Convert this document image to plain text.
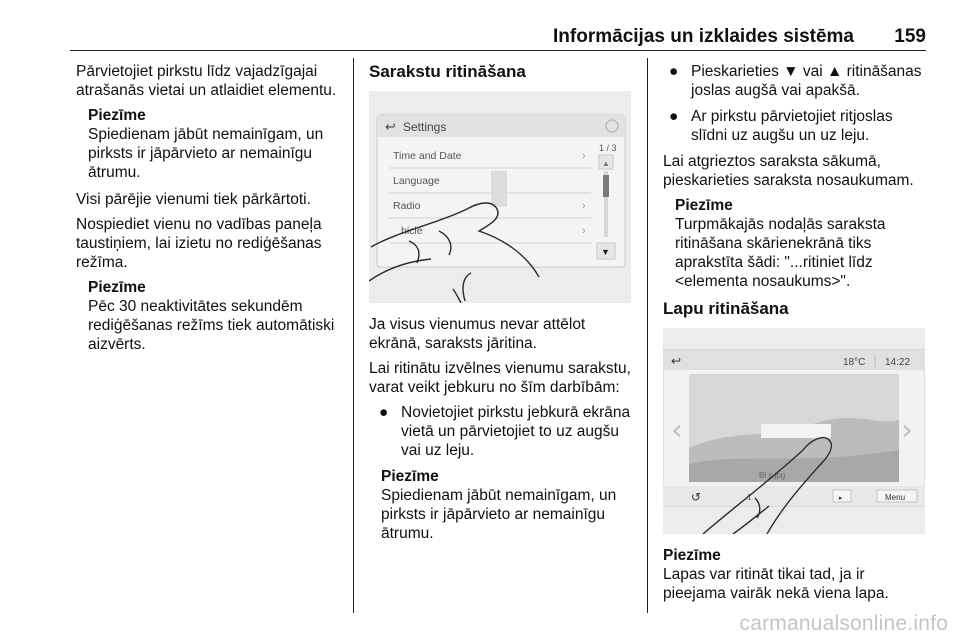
Informācijas un izklaides sistēma 159

Pārvietojiet pirkstu līdz vajadzīgajai atrašanās vietai un atlaidiet elementu.

Piezīme
Spiedienam jābūt nemainīgam, un pirksts ir jāpārvieto ar nemainīgu ātrumu.

Visi pārējie vienumi tiek pārkārtoti.

Nospiediet vienu no vadības paneļa taustiņiem, lai izietu no rediģēšanas režīma.

Piezīme
Pēc 30 neaktivitātes sekundēm rediģēšanas režīms tiek automātiski aizvērts.
Sarakstu ritināšana
↩ Settings
Time and Date	›
Language
Radio	›
hicle	›
1 / 3
▲
▼

Ja visus vienumus nevar attēlot ekrānā, saraksts jāritina.

Lai ritinātu izvēlnes vienumu sarakstu, varat veikt jebkuru no šīm darbībām:

● Novietojiet pirkstu jebkurā ekrāna vietā un pārvietojiet to uz augšu vai uz leju.
Piezīme
Spiedienam jābūt nemainīgam, un pirksts ir jāpārvieto ar nemainīgu ātrumu.
● Pieskarieties ▼ vai ▲ ritināšanas joslas augšā vai apakšā.
● Ar pirkstu pārvietojiet ritjoslas slīdni uz augšu un uz leju.

Lai atgrieztos saraksta sākumā, pieskarieties saraksta nosaukumam.

Piezīme
Turpmākajās nodaļās saraksta ritināšana skārienekrānā tiks aprakstīta šādi: "...ritiniet līdz <elementa nosaukums>".
Lapu ritināšana
↩	18°C 14:22
Bl s.jpg
‹	›
↺	1	▸	Menu
Piezīme
Lapas var ritināt tikai tad, ja ir pieejama vairāk nekā viena lapa.
carmanualsonline.info
